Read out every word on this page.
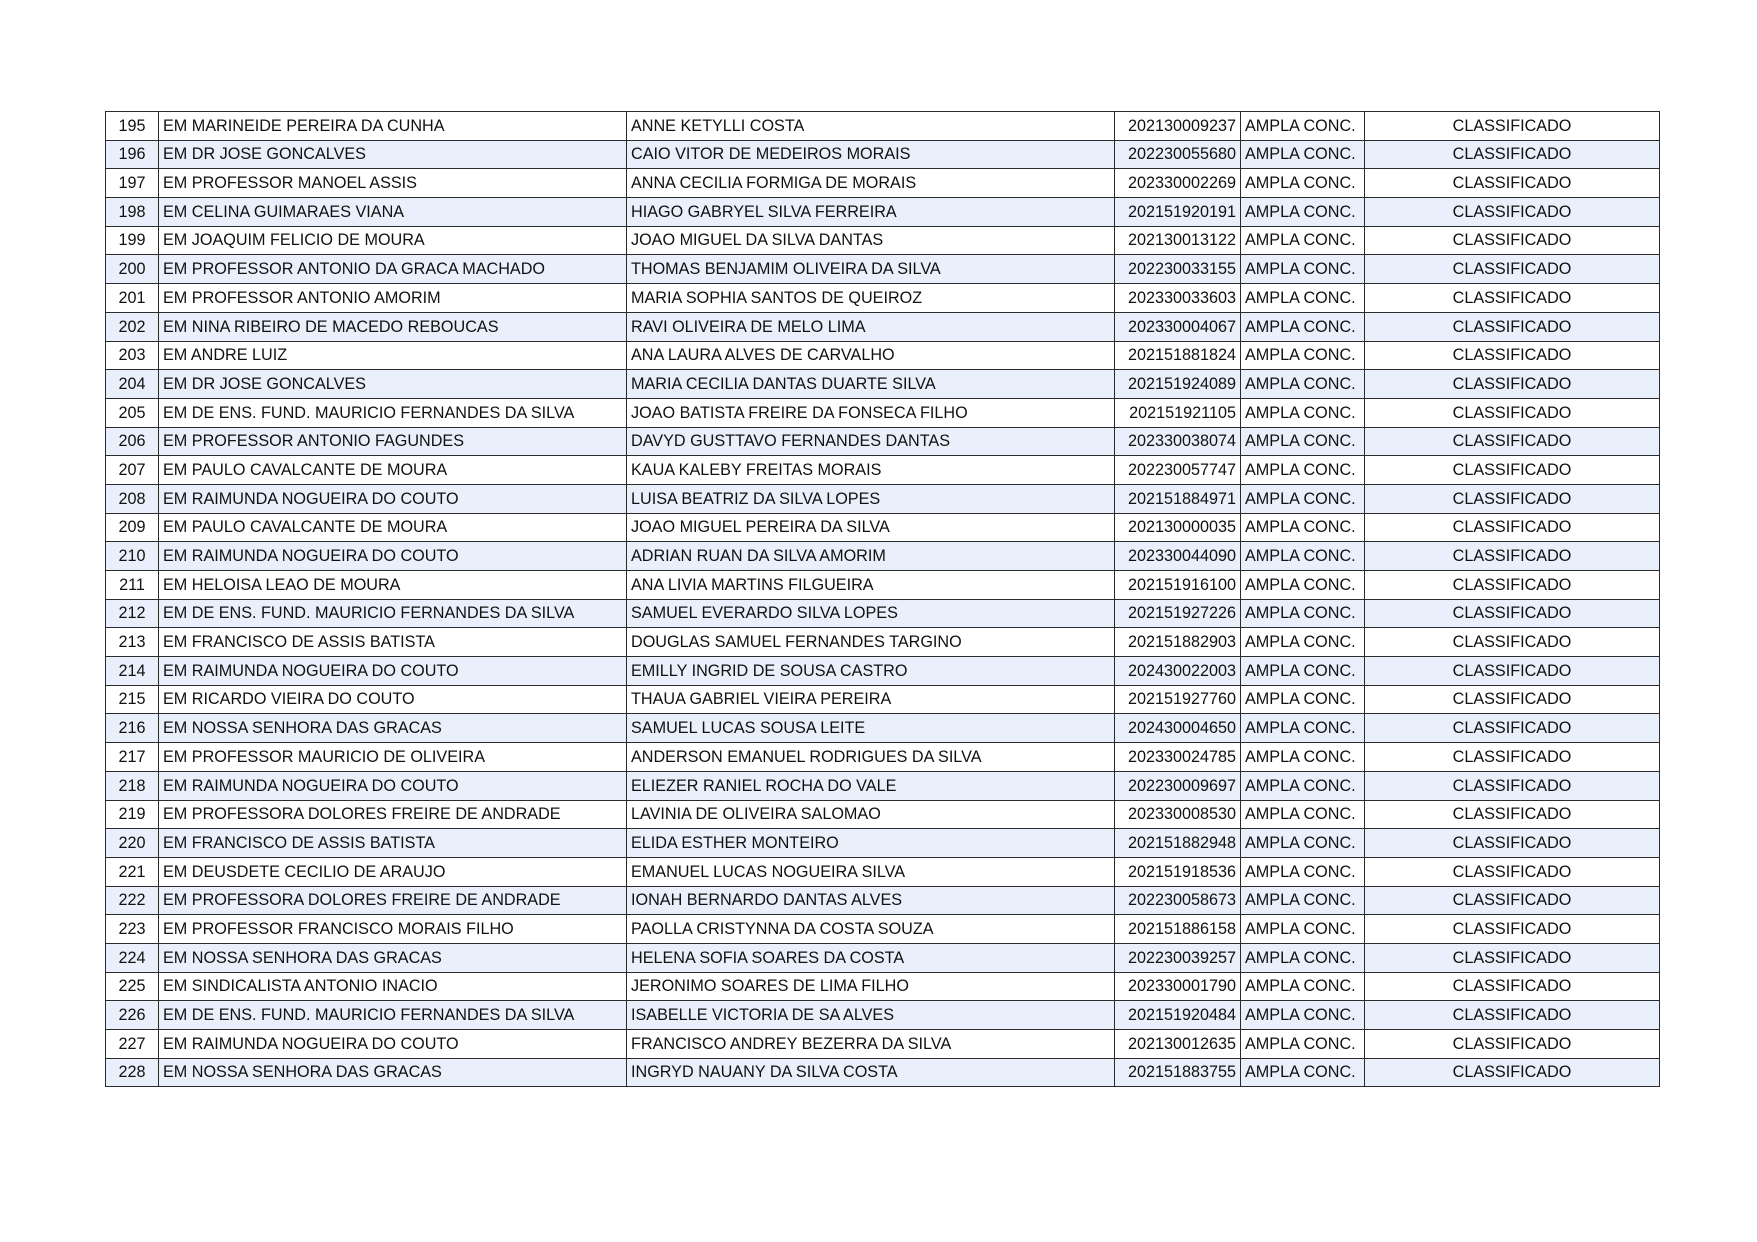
195	EM MARINEIDE PEREIRA DA CUNHA	ANNE KETYLLI COSTA	202130009237	AMPLA CONC.	CLASSIFICADO
196	EM DR JOSE GONCALVES	CAIO VITOR DE MEDEIROS MORAIS	202230055680	AMPLA CONC.	CLASSIFICADO
197	EM PROFESSOR MANOEL ASSIS	ANNA CECILIA FORMIGA DE MORAIS	202330002269	AMPLA CONC.	CLASSIFICADO
198	EM CELINA GUIMARAES VIANA	HIAGO GABRYEL SILVA FERREIRA	202151920191	AMPLA CONC.	CLASSIFICADO
199	EM JOAQUIM FELICIO DE MOURA	JOAO MIGUEL DA SILVA DANTAS	202130013122	AMPLA CONC.	CLASSIFICADO
200	EM PROFESSOR ANTONIO DA GRACA MACHADO	THOMAS BENJAMIM OLIVEIRA DA SILVA	202230033155	AMPLA CONC.	CLASSIFICADO
201	EM PROFESSOR ANTONIO AMORIM	MARIA SOPHIA SANTOS DE QUEIROZ	202330033603	AMPLA CONC.	CLASSIFICADO
202	EM NINA RIBEIRO DE MACEDO REBOUCAS	RAVI OLIVEIRA DE MELO LIMA	202330004067	AMPLA CONC.	CLASSIFICADO
203	EM ANDRE LUIZ	ANA LAURA ALVES DE CARVALHO	202151881824	AMPLA CONC.	CLASSIFICADO
204	EM DR JOSE GONCALVES	MARIA CECILIA DANTAS DUARTE SILVA	202151924089	AMPLA CONC.	CLASSIFICADO
205	EM DE ENS. FUND. MAURICIO FERNANDES DA SILVA	JOAO BATISTA FREIRE DA FONSECA FILHO	202151921105	AMPLA CONC.	CLASSIFICADO
206	EM PROFESSOR ANTONIO FAGUNDES	DAVYD GUSTTAVO FERNANDES DANTAS	202330038074	AMPLA CONC.	CLASSIFICADO
207	EM PAULO CAVALCANTE DE MOURA	KAUA KALEBY FREITAS MORAIS	202230057747	AMPLA CONC.	CLASSIFICADO
208	EM RAIMUNDA NOGUEIRA DO COUTO	LUISA BEATRIZ DA SILVA LOPES	202151884971	AMPLA CONC.	CLASSIFICADO
209	EM PAULO CAVALCANTE DE MOURA	JOAO MIGUEL PEREIRA DA SILVA	202130000035	AMPLA CONC.	CLASSIFICADO
210	EM RAIMUNDA NOGUEIRA DO COUTO	ADRIAN RUAN DA SILVA AMORIM	202330044090	AMPLA CONC.	CLASSIFICADO
211	EM HELOISA LEAO DE MOURA	ANA LIVIA MARTINS FILGUEIRA	202151916100	AMPLA CONC.	CLASSIFICADO
212	EM DE ENS. FUND. MAURICIO FERNANDES DA SILVA	SAMUEL EVERARDO SILVA LOPES	202151927226	AMPLA CONC.	CLASSIFICADO
213	EM FRANCISCO DE ASSIS BATISTA	DOUGLAS SAMUEL FERNANDES TARGINO	202151882903	AMPLA CONC.	CLASSIFICADO
214	EM RAIMUNDA NOGUEIRA DO COUTO	EMILLY INGRID DE SOUSA CASTRO	202430022003	AMPLA CONC.	CLASSIFICADO
215	EM RICARDO VIEIRA DO COUTO	THAUA GABRIEL VIEIRA PEREIRA	202151927760	AMPLA CONC.	CLASSIFICADO
216	EM NOSSA SENHORA DAS GRACAS	SAMUEL LUCAS SOUSA LEITE	202430004650	AMPLA CONC.	CLASSIFICADO
217	EM PROFESSOR MAURICIO DE OLIVEIRA	ANDERSON EMANUEL RODRIGUES DA SILVA	202330024785	AMPLA CONC.	CLASSIFICADO
218	EM RAIMUNDA NOGUEIRA DO COUTO	ELIEZER RANIEL ROCHA DO VALE	202230009697	AMPLA CONC.	CLASSIFICADO
219	EM PROFESSORA DOLORES FREIRE DE ANDRADE	LAVINIA DE OLIVEIRA SALOMAO	202330008530	AMPLA CONC.	CLASSIFICADO
220	EM FRANCISCO DE ASSIS BATISTA	ELIDA ESTHER MONTEIRO	202151882948	AMPLA CONC.	CLASSIFICADO
221	EM DEUSDETE CECILIO DE ARAUJO	EMANUEL LUCAS NOGUEIRA SILVA	202151918536	AMPLA CONC.	CLASSIFICADO
222	EM PROFESSORA DOLORES FREIRE DE ANDRADE	IONAH BERNARDO DANTAS ALVES	202230058673	AMPLA CONC.	CLASSIFICADO
223	EM PROFESSOR FRANCISCO MORAIS FILHO	PAOLLA CRISTYNNA DA COSTA SOUZA	202151886158	AMPLA CONC.	CLASSIFICADO
224	EM NOSSA SENHORA DAS GRACAS	HELENA SOFIA SOARES DA COSTA	202230039257	AMPLA CONC.	CLASSIFICADO
225	EM SINDICALISTA ANTONIO INACIO	JERONIMO SOARES DE LIMA FILHO	202330001790	AMPLA CONC.	CLASSIFICADO
226	EM DE ENS. FUND. MAURICIO FERNANDES DA SILVA	ISABELLE VICTORIA DE SA ALVES	202151920484	AMPLA CONC.	CLASSIFICADO
227	EM RAIMUNDA NOGUEIRA DO COUTO	FRANCISCO ANDREY BEZERRA DA SILVA	202130012635	AMPLA CONC.	CLASSIFICADO
228	EM NOSSA SENHORA DAS GRACAS	INGRYD NAUANY DA SILVA COSTA	202151883755	AMPLA CONC.	CLASSIFICADO
